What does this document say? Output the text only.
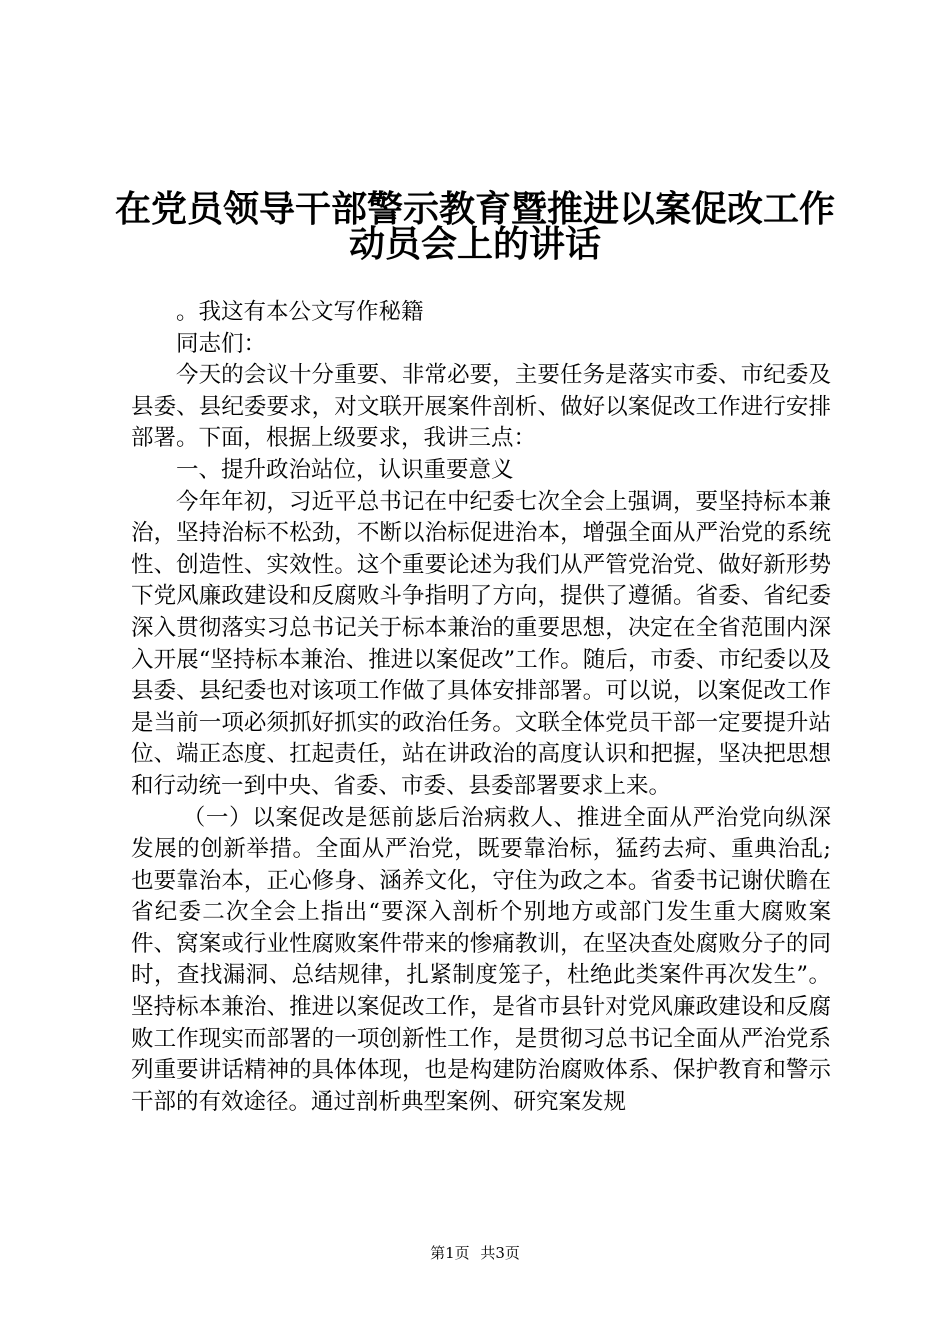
在党员领导干部警示教育暨推进以案促改工作
动员会上的讲话

。我这有本公文写作秘籍

同志们：

今天的会议十分重要、非常必要，主要任务是落实市委、市纪委及县委、县纪委要求，对文联开展案件剖析、做好以案促改工作进行安排部署。下面，根据上级要求，我讲三点：

一、提升政治站位，认识重要意义

今年年初，习近平总书记在中纪委七次全会上强调，要坚持标本兼治，坚持治标不松劲，不断以治标促进治本，增强全面从严治党的系统性、创造性、实效性。这个重要论述为我们从严管党治党、做好新形势下党风廉政建设和反腐败斗争指明了方向，提供了遵循。省委、省纪委深入贯彻落实习总书记关于标本兼治的重要思想，决定在全省范围内深入开展“坚持标本兼治、推进以案促改”工作。随后，市委、市纪委以及县委、县纪委也对该项工作做了具体安排部署。可以说，以案促改工作是当前一项必须抓好抓实的政治任务。文联全体党员干部一定要提升站位、端正态度、扛起责任，站在讲政治的高度认识和把握，坚决把思想和行动统一到中央、省委、市委、县委部署要求上来。

（一）以案促改是惩前毖后治病救人、推进全面从严治党向纵深发展的创新举措。全面从严治党，既要靠治标，猛药去疴、重典治乱;也要靠治本，正心修身、涵养文化，守住为政之本。省委书记谢伏瞻在省纪委二次全会上指出“要深入剖析个别地方或部门发生重大腐败案件、窝案或行业性腐败案件带来的惨痛教训，在坚决查处腐败分子的同时，查找漏洞、总结规律，扎紧制度笼子，杜绝此类案件再次发生”。坚持标本兼治、推进以案促改工作，是省市县针对党风廉政建设和反腐败工作现实而部署的一项创新性工作，是贯彻习总书记全面从严治党系列重要讲话精神的具体体现，也是构建防治腐败体系、保护教育和警示干部的有效途径。通过剖析典型案例、研究案发规

第1页 共3页
